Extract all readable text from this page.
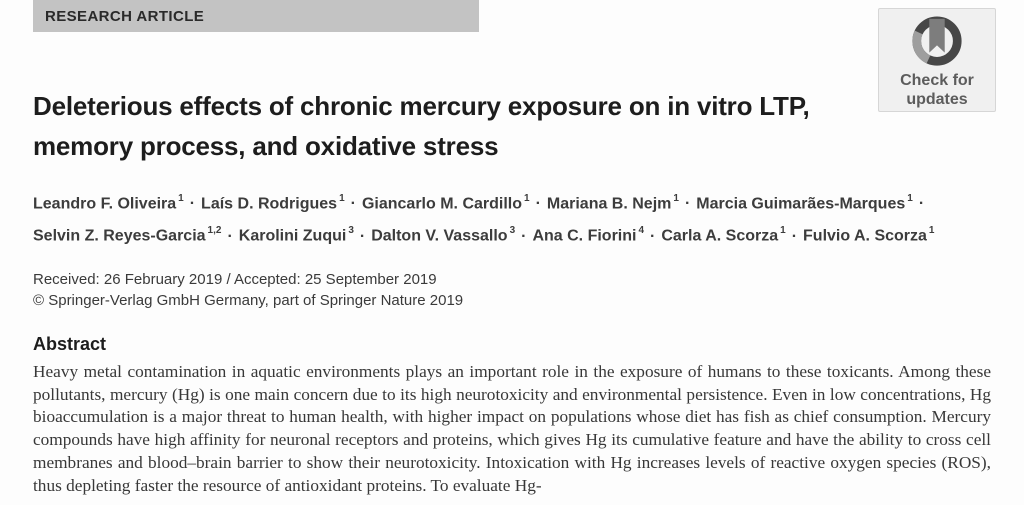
RESEARCH ARTICLE
Check for
updates
Deleterious effects of chronic mercury exposure on in vitro LTP,
memory process, and oxidative stress
Leandro F. Oliveira $^1$ · Laís D. Rodrigues $^1$ · Giancarlo M. Cardillo $^1$ · Mariana B. Nejm $^1$ · Marcia Guimarães-Marques $^1$ ·
Selvin Z. Reyes-Garcia $^{1,2}$ · Karolini Zuqui $^3$ · Dalton V. Vassallo $^3$ · Ana C. Fiorini $^4$ · Carla A. Scorza $^1$ · Fulvio A. Scorza $^1$
Received: 26 February 2019 / Accepted: 25 September 2019
© Springer-Verlag GmbH Germany, part of Springer Nature 2019
Abstract
Heavy metal contamination in aquatic environments plays an important role in the exposure of humans to these toxicants. Among these pollutants, mercury (Hg) is one main concern due to its high neurotoxicity and environmental persistence. Even in low concentrations, Hg bioaccumulation is a major threat to human health, with higher impact on populations whose diet has fish as chief consumption. Mercury compounds have high affinity for neuronal receptors and proteins, which gives Hg its cumulative feature and have the ability to cross cell membranes and blood–brain barrier to show their neurotoxicity. Intoxication with Hg increases levels of reactive oxygen species (ROS), thus depleting faster the resource of antioxidant proteins. To evaluate Hg-
